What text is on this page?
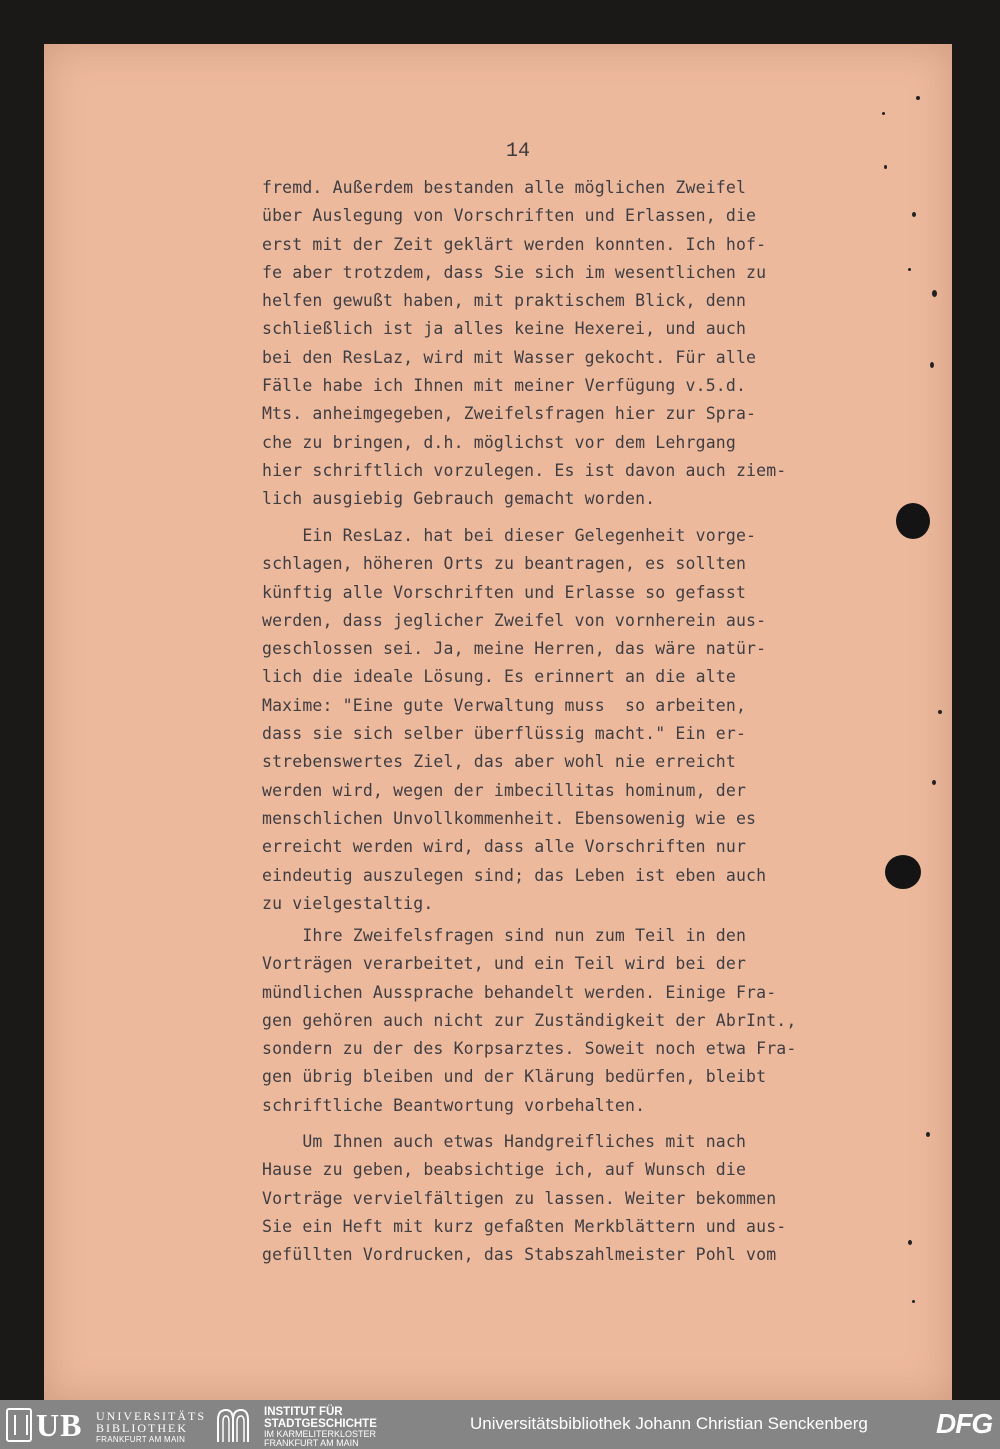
14
fremd. Außerdem bestanden alle möglichen Zweifel
über Auslegung von Vorschriften und Erlassen, die
erst mit der Zeit geklärt werden konnten. Ich hof-
fe aber trotzdem, dass Sie sich im wesentlichen zu
helfen gewußt haben, mit praktischem Blick, denn
schließlich ist ja alles keine Hexerei, und auch
bei den ResLaz, wird mit Wasser gekocht. Für alle
Fälle habe ich Ihnen mit meiner Verfügung v.5.d.
Mts. anheimgegeben, Zweifelsfragen hier zur Spra-
che zu bringen, d.h. möglichst vor dem Lehrgang
hier schriftlich vorzulegen. Es ist davon auch ziem-
lich ausgiebig Gebrauch gemacht worden.
Ein ResLaz. hat bei dieser Gelegenheit vorge-
schlagen, höheren Orts zu beantragen, es sollten
künftig alle Vorschriften und Erlasse so gefasst
werden, dass jeglicher Zweifel von vornherein aus-
geschlossen sei. Ja, meine Herren, das wäre natür-
lich die ideale Lösung. Es erinnert an die alte
Maxime: "Eine gute Verwaltung muss  so arbeiten,
dass sie sich selber überflüssig macht." Ein er-
strebenswertes Ziel, das aber wohl nie erreicht
werden wird, wegen der imbecillitas hominum, der
menschlichen Unvollkommenheit. Ebensowenig wie es
erreicht werden wird, dass alle Vorschriften nur
eindeutig auszulegen sind; das Leben ist eben auch
zu vielgestaltig.
Ihre Zweifelsfragen sind nun zum Teil in den
Vorträgen verarbeitet, und ein Teil wird bei der
mündlichen Aussprache behandelt werden. Einige Fra-
gen gehören auch nicht zur Zuständigkeit der AbrInt.,
sondern zu der des Korpsarztes. Soweit noch etwa Fra-
gen übrig bleiben und der Klärung bedürfen, bleibt
schriftliche Beantwortung vorbehalten.
Um Ihnen auch etwas Handgreifliches mit nach
Hause zu geben, beabsichtige ich, auf Wunsch die
Vorträge vervielfältigen zu lassen. Weiter bekommen
Sie ein Heft mit kurz gefaßten Merkblättern und aus-
gefüllten Vordrucken, das Stabszahlmeister Pohl vom
UB UNIVERSITÄTS
BIBLIOTHEK
FRANKFURT AM MAIN
INSTITUT FÜR
STADTGESCHICHTE
IM KARMELITERKLOSTER
FRANKFURT AM MAIN
Universitätsbibliothek Johann Christian Senckenberg DFG
